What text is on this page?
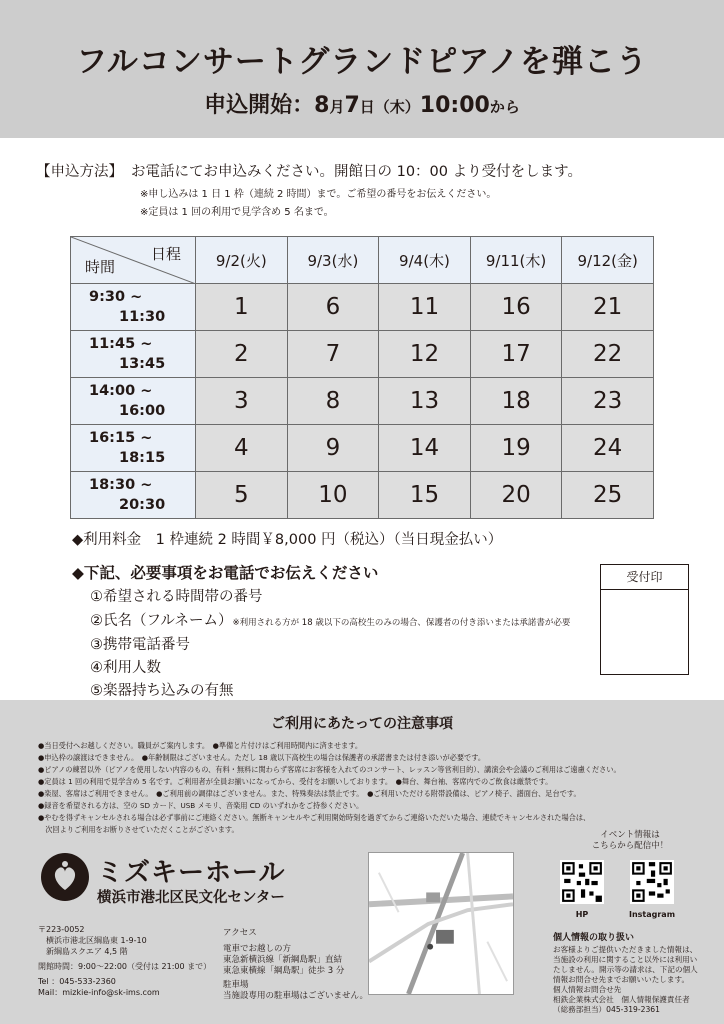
フルコンサートグランドピアノを弾こう
申込開始：8月7日（木）10:00から
【申込方法】 お電話にてお申込みください。開館日の 10：00 より受付をします。
※申し込みは 1 日 1 枠（連続 2 時間）まで。ご希望の番号をお伝えください。
※定員は 1 回の利用で見学含め 5 名まで。
日程
時間	9/2(火)	9/3(水)	9/4(木)	9/11(木)	9/12(金)
9:30 ~
11:30	1	6	11	16	21
11:45 ~
13:45	2	7	12	17	22
14:00 ~
16:00	3	8	13	18	23
16:15 ~
18:15	4	9	14	19	24
18:30 ~
20:30	5	10	15	20	25
◆利用料金　1 枠連続 2 時間￥8,000 円（税込）（当日現金払い）
◆下記、必要事項をお電話でお伝えください
①希望される時間帯の番号
②氏名（フルネーム）※利用される方が 18 歳以下の高校生のみの場合、保護者の付き添いまたは承諾書が必要
③携帯電話番号
④利用人数
⑤楽器持ち込みの有無
受付印
ご利用にあたっての注意事項
●当日受付へお越しください。職員がご案内します。　●準備と片付けはご利用時間内に済ませます。
●申込枠の譲渡はできません。　●年齢制限はございません。ただし 18 歳以下高校生の場合は保護者の承諾書または付き添いが必要です。
●ピアノの練習以外（ピアノを使用しない内容のもの、有料・無料に関わらず客席にお客様を入れてのコンサート、レッスン等営利目的）、講演会や会議のご利用はご遠慮ください。
●定員は 1 回の利用で見学含め 5 名です。ご利用者が全員お揃いになってから、受付をお願いしております。　●舞台、舞台袖、客席内でのご飲食は厳禁です。
●楽屋、客席はご利用できません。　●ご利用前の調律はございません。また、特殊奏法は禁止です。　●ご利用いただける附帯設備は、ピアノ椅子、譜面台、足台です。
●録音を希望される方は、空の SD カード、USB メモリ、音楽用 CD のいずれかをご持参ください。
●やむを得ずキャンセルされる場合は必ず事前にご連絡ください。無断キャンセルやご利用開始時刻を過ぎてからご連絡いただいた場合、連続でキャンセルされた場合は、
　次回よりご利用をお断りさせていただくことがございます。
ミズキーホール
横浜市港北区民文化センター
〒223-0052
　横浜市港北区綱島東 1-9-10
　新綱島スクエア 4,5 階
開館時間：9:00～22:00（受付は 21:00 まで）
Tel ：045-533-2360
Mail：mizkie-info@sk-ims.com
アクセス
電車でお越しの方
東急新横浜線「新綱島駅」直結
東急東横線「綱島駅」徒歩 3 分
駐車場
当施設専用の駐車場はございません。
イベント情報は
こちらから配信中！
HP	Instagram
個人情報の取り扱い
お客様よりご提供いただきました情報は、
当施設の利用に関すること以外には利用い
たしません。開示等の請求は、下記の個人
情報お問合せ先までお願いいたします。
個人情報お問合せ先
相鉄企業株式会社　個人情報保護責任者
（総務部担当）045-319-2361
